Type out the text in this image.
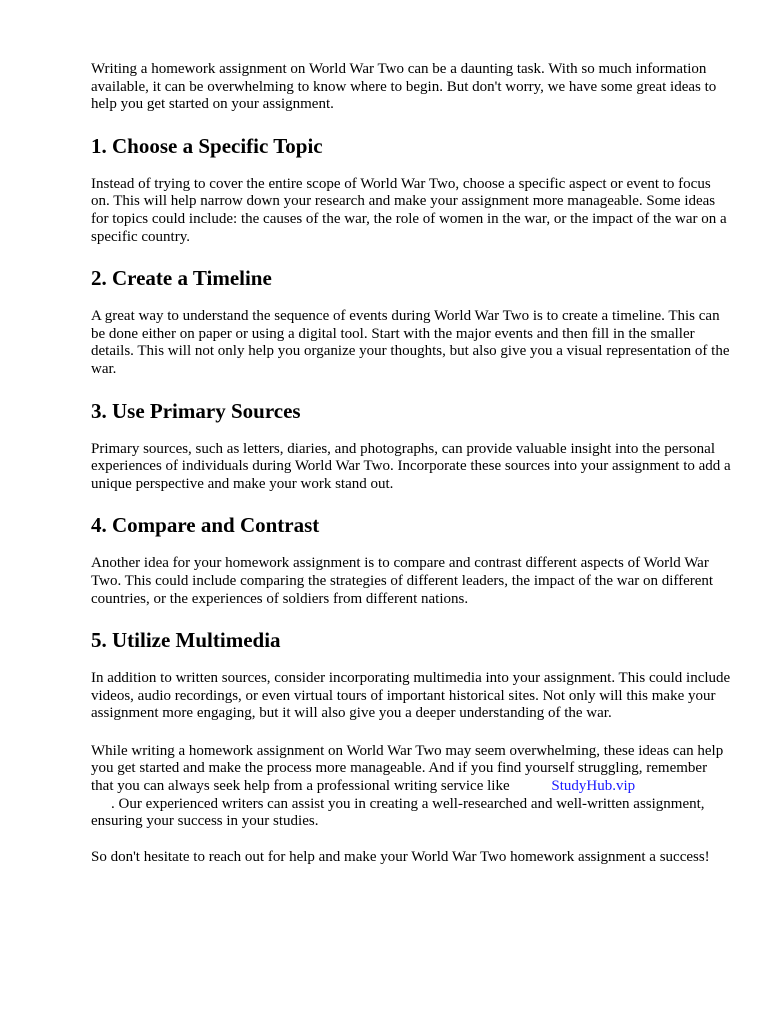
Writing a homework assignment on World War Two can be a daunting task. With so much information available, it can be overwhelming to know where to begin. But don't worry, we have some great ideas to help you get started on your assignment.

1. Choose a Specific Topic

Instead of trying to cover the entire scope of World War Two, choose a specific aspect or event to focus on. This will help narrow down your research and make your assignment more manageable. Some ideas for topics could include: the causes of the war, the role of women in the war, or the impact of the war on a specific country.

2. Create a Timeline

A great way to understand the sequence of events during World War Two is to create a timeline. This can be done either on paper or using a digital tool. Start with the major events and then fill in the smaller details. This will not only help you organize your thoughts, but also give you a visual representation of the war.

3. Use Primary Sources

Primary sources, such as letters, diaries, and photographs, can provide valuable insight into the personal experiences of individuals during World War Two. Incorporate these sources into your assignment to add a unique perspective and make your work stand out.

4. Compare and Contrast

Another idea for your homework assignment is to compare and contrast different aspects of World War Two. This could include comparing the strategies of different leaders, the impact of the war on different countries, or the experiences of soldiers from different nations.

5. Utilize Multimedia

In addition to written sources, consider incorporating multimedia into your assignment. This could include videos, audio recordings, or even virtual tours of important historical sites. Not only will this make your assignment more engaging, but it will also give you a deeper understanding of the war.

While writing a homework assignment on World War Two may seem overwhelming, these ideas can help you get started and make the process more manageable. And if you find yourself struggling, remember that you can always seek help from a professional writing service like	StudyHub.vip
. Our experienced writers can assist you in creating a well-researched and well-written assignment, ensuring your success in your studies.

So don't hesitate to reach out for help and make your World War Two homework assignment a success!
